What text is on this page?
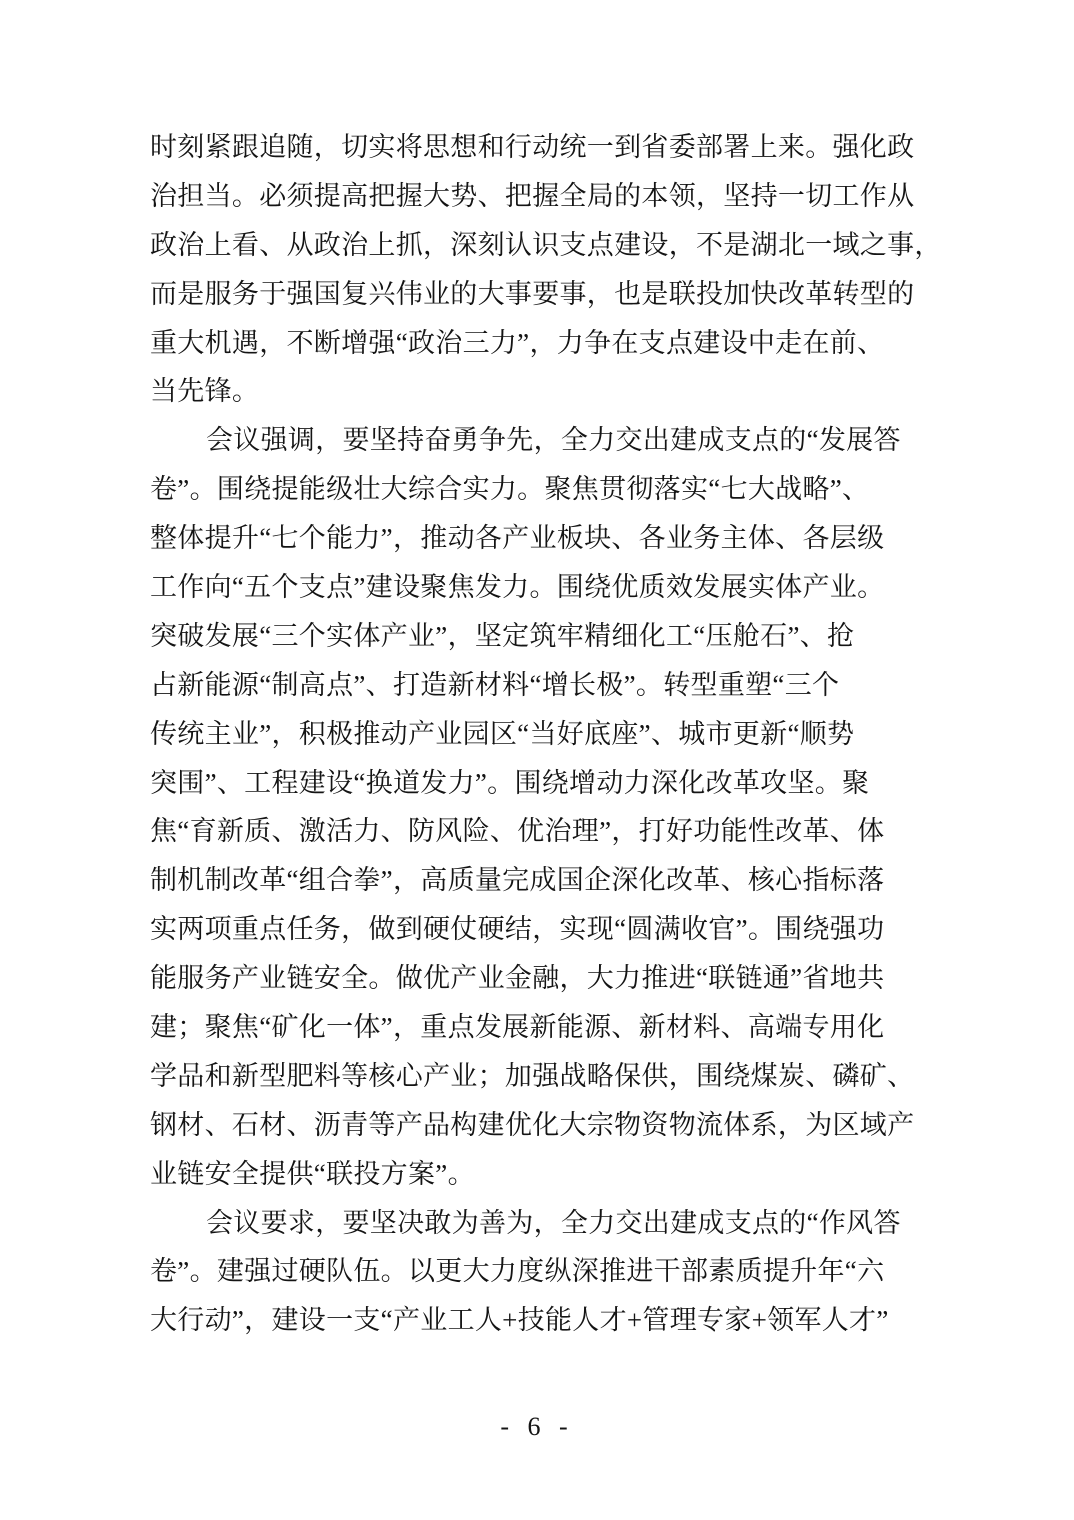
时刻紧跟追随，切实将思想和行动统一到省委部署上来。强化政
治担当。必须提高把握大势、把握全局的本领，坚持一切工作从
政治上看、从政治上抓，深刻认识支点建设，不是湖北一域之事，
而是服务于强国复兴伟业的大事要事，也是联投加快改革转型的
重大机遇，不断增强“政治三力”，力争在支点建设中走在前、
当先锋。
会议强调，要坚持奋勇争先，全力交出建成支点的“发展答
卷”。围绕提能级壮大综合实力。聚焦贯彻落实“七大战略”、
整体提升“七个能力”，推动各产业板块、各业务主体、各层级
工作向“五个支点”建设聚焦发力。围绕优质效发展实体产业。
突破发展“三个实体产业”，坚定筑牢精细化工“压舱石”、抢
占新能源“制高点”、打造新材料“增长极”。转型重塑“三个
传统主业”，积极推动产业园区“当好底座”、城市更新“顺势
突围”、工程建设“换道发力”。围绕增动力深化改革攻坚。聚
焦“育新质、激活力、防风险、优治理”，打好功能性改革、体
制机制改革“组合拳”，高质量完成国企深化改革、核心指标落
实两项重点任务，做到硬仗硬结，实现“圆满收官”。围绕强功
能服务产业链安全。做优产业金融，大力推进“联链通”省地共
建；聚焦“矿化一体”，重点发展新能源、新材料、高端专用化
学品和新型肥料等核心产业；加强战略保供，围绕煤炭、磷矿、
钢材、石材、沥青等产品构建优化大宗物资物流体系，为区域产
业链安全提供“联投方案”。
会议要求，要坚决敢为善为，全力交出建成支点的“作风答
卷”。建强过硬队伍。以更大力度纵深推进干部素质提升年“六
大行动”，建设一支“产业工人+技能人才+管理专家+领军人才”
- 6 -
